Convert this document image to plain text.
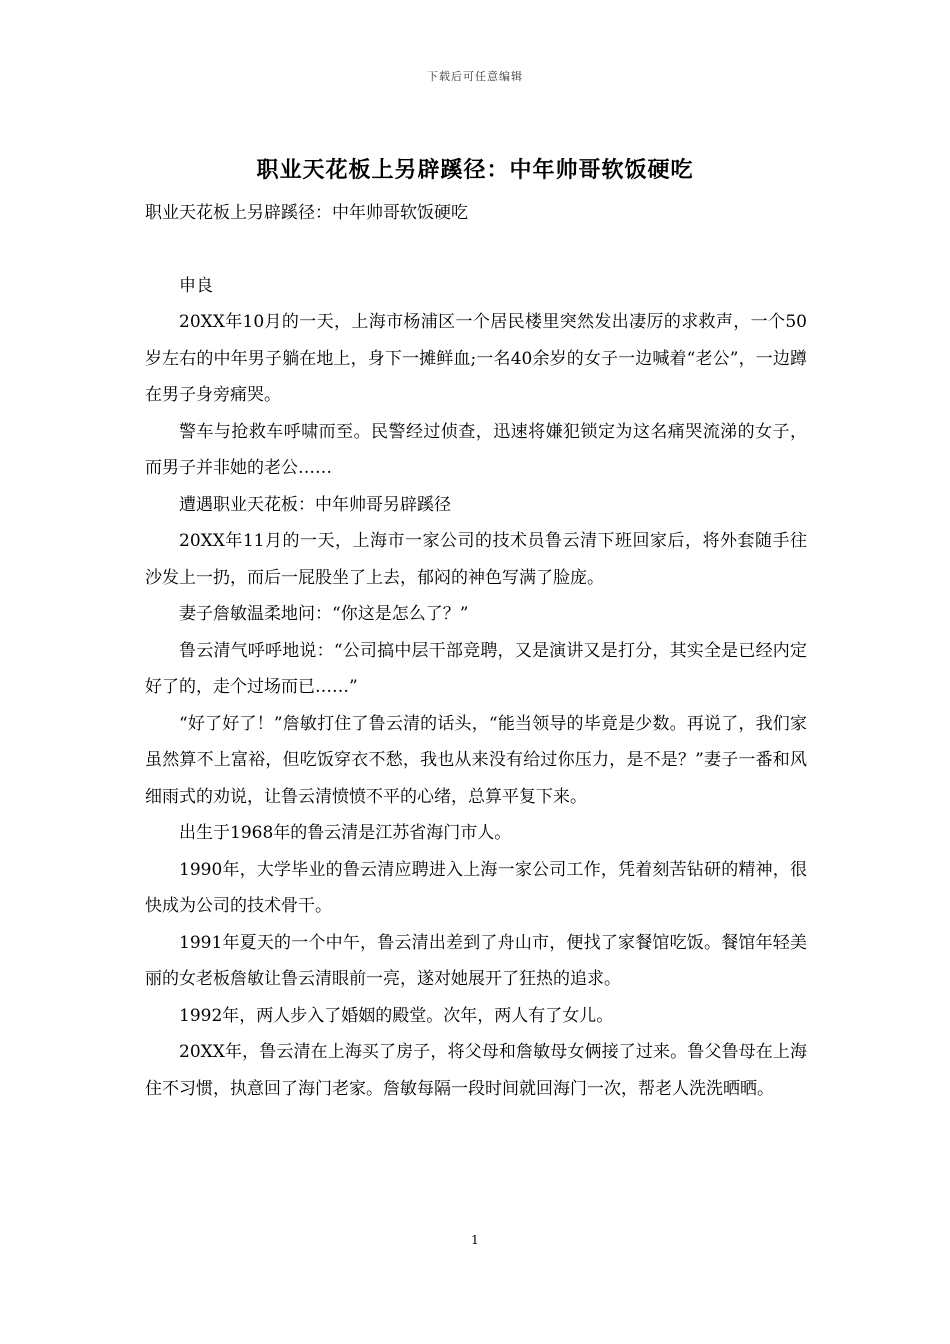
下载后可任意编辑
职业天花板上另辟蹊径：中年帅哥软饭硬吃

职业天花板上另辟蹊径：中年帅哥软饭硬吃

申良

20XX年10月的一天，上海市杨浦区一个居民楼里突然发出凄厉的求救声，一个50岁左右的中年男子躺在地上，身下一摊鲜血;一名40余岁的女子一边喊着“老公”，一边蹲在男子身旁痛哭。

警车与抢救车呼啸而至。民警经过侦查，迅速将嫌犯锁定为这名痛哭流涕的女子，而男子并非她的老公……

遭遇职业天花板：中年帅哥另辟蹊径

20XX年11月的一天，上海市一家公司的技术员鲁云清下班回家后，将外套随手往沙发上一扔，而后一屁股坐了上去，郁闷的神色写满了脸庞。

妻子詹敏温柔地问：“你这是怎么了？”

鲁云清气呼呼地说：“公司搞中层干部竞聘，又是演讲又是打分，其实全是已经内定好了的，走个过场而已……”

“好了好了！”詹敏打住了鲁云清的话头，“能当领导的毕竟是少数。再说了，我们家虽然算不上富裕，但吃饭穿衣不愁，我也从来没有给过你压力，是不是？”妻子一番和风细雨式的劝说，让鲁云清愤愤不平的心绪，总算平复下来。

出生于1968年的鲁云清是江苏省海门市人。

1990年，大学毕业的鲁云清应聘进入上海一家公司工作，凭着刻苦钻研的精神，很快成为公司的技术骨干。

1991年夏天的一个中午，鲁云清出差到了舟山市，便找了家餐馆吃饭。餐馆年轻美丽的女老板詹敏让鲁云清眼前一亮，遂对她展开了狂热的追求。

1992年，两人步入了婚姻的殿堂。次年，两人有了女儿。

20XX年，鲁云清在上海买了房子，将父母和詹敏母女俩接了过来。鲁父鲁母在上海住不习惯，执意回了海门老家。詹敏每隔一段时间就回海门一次，帮老人洗洗晒晒。

1
